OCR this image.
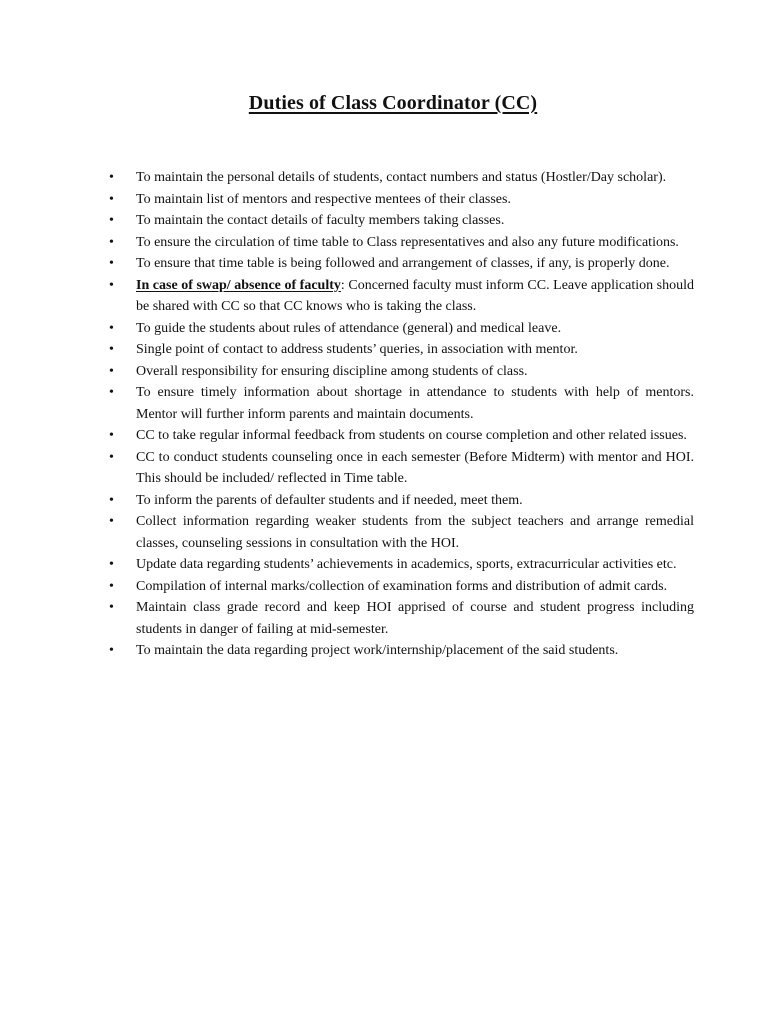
Duties of Class Coordinator (CC)
•	To maintain the personal details of students, contact numbers and status (Hostler/Day scholar).
•	To maintain list of mentors and respective mentees of their classes.
•	To maintain the contact details of faculty members taking classes.
•	To ensure the circulation of time table to Class representatives and also any future modifications.
•	To ensure that time table is being followed and arrangement of classes, if any, is properly done.
•	In case of swap/ absence of faculty: Concerned faculty must inform CC. Leave application should be shared with CC so that CC knows who is taking the class.
•	To guide the students about rules of attendance (general) and medical leave.
•	Single point of contact to address students’ queries, in association with mentor.
•	Overall responsibility for ensuring discipline among students of class.
•	To ensure timely information about shortage in attendance to students with help of mentors. Mentor will further inform parents and maintain documents.
•	CC to take regular informal feedback from students on course completion and other related issues.
•	CC to conduct students counseling once in each semester (Before Midterm) with mentor and HOI. This should be included/ reflected in Time table.
•	To inform the parents of defaulter students and if needed, meet them.
•	Collect information regarding weaker students from the subject teachers and arrange remedial classes, counseling sessions in consultation with the HOI.
•	Update data regarding students’ achievements in academics, sports, extracurricular activities etc.
•	Compilation of internal marks/collection of examination forms and distribution of admit cards.
•	Maintain class grade record and keep HOI apprised of course and student progress including students in danger of failing at mid-semester.
•	To maintain the data regarding project work/internship/placement of the said students.
